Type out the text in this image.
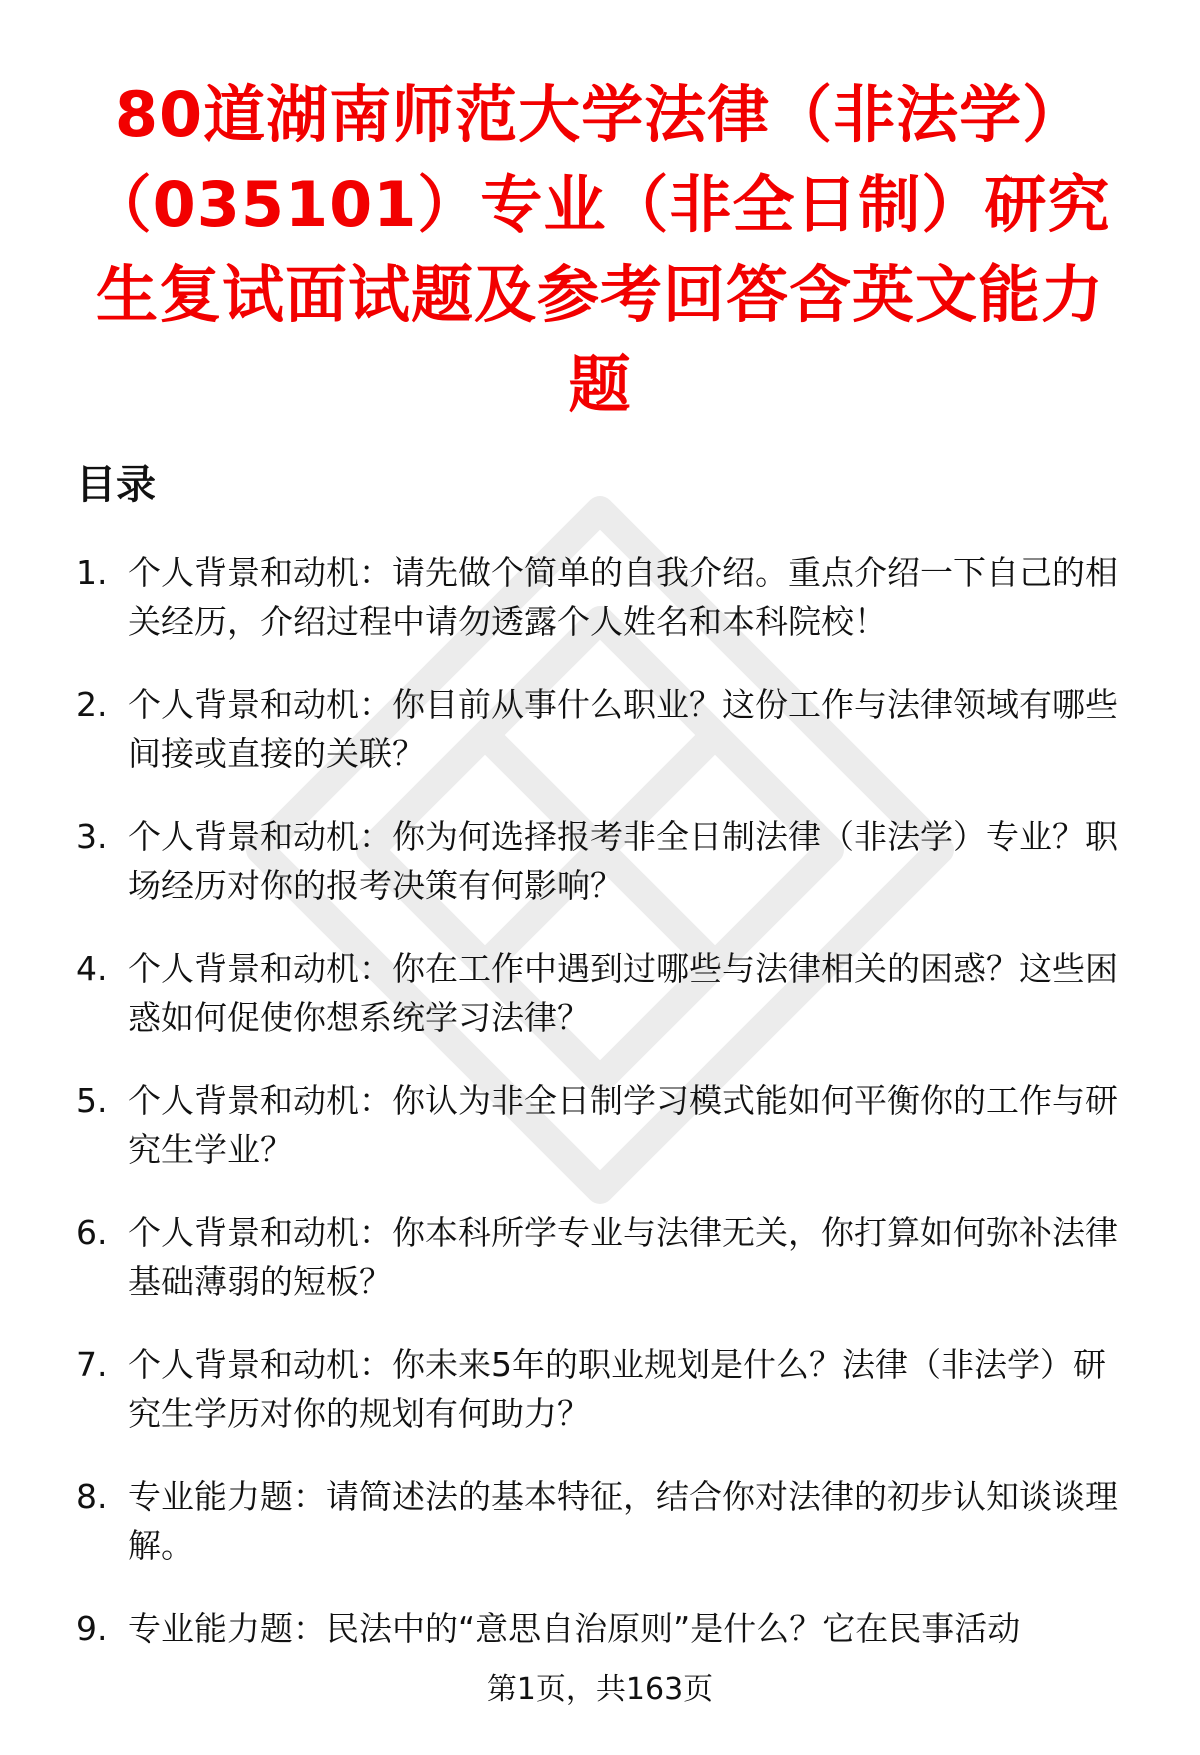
80道湖南师范大学法律（非法学）（035101）专业（非全日制）研究生复试面试题及参考回答含英文能力题
目录
1. 个人背景和动机：请先做个简单的自我介绍。重点介绍一下自己的相关经历，介绍过程中请勿透露个人姓名和本科院校！
2. 个人背景和动机：你目前从事什么职业？这份工作与法律领域有哪些间接或直接的关联？
3. 个人背景和动机：你为何选择报考非全日制法律（非法学）专业？职场经历对你的报考决策有何影响？
4. 个人背景和动机：你在工作中遇到过哪些与法律相关的困惑？这些困惑如何促使你想系统学习法律？
5. 个人背景和动机：你认为非全日制学习模式能如何平衡你的工作与研究生学业？
6. 个人背景和动机：你本科所学专业与法律无关，你打算如何弥补法律基础薄弱的短板？
7. 个人背景和动机：你未来5年的职业规划是什么？法律（非法学）研究生学历对你的规划有何助力？
8. 专业能力题：请简述法的基本特征，结合你对法律的初步认知谈谈理解。
9. 专业能力题：民法中的“意思自治原则”是什么？它在民事活动
第1页，共163页
